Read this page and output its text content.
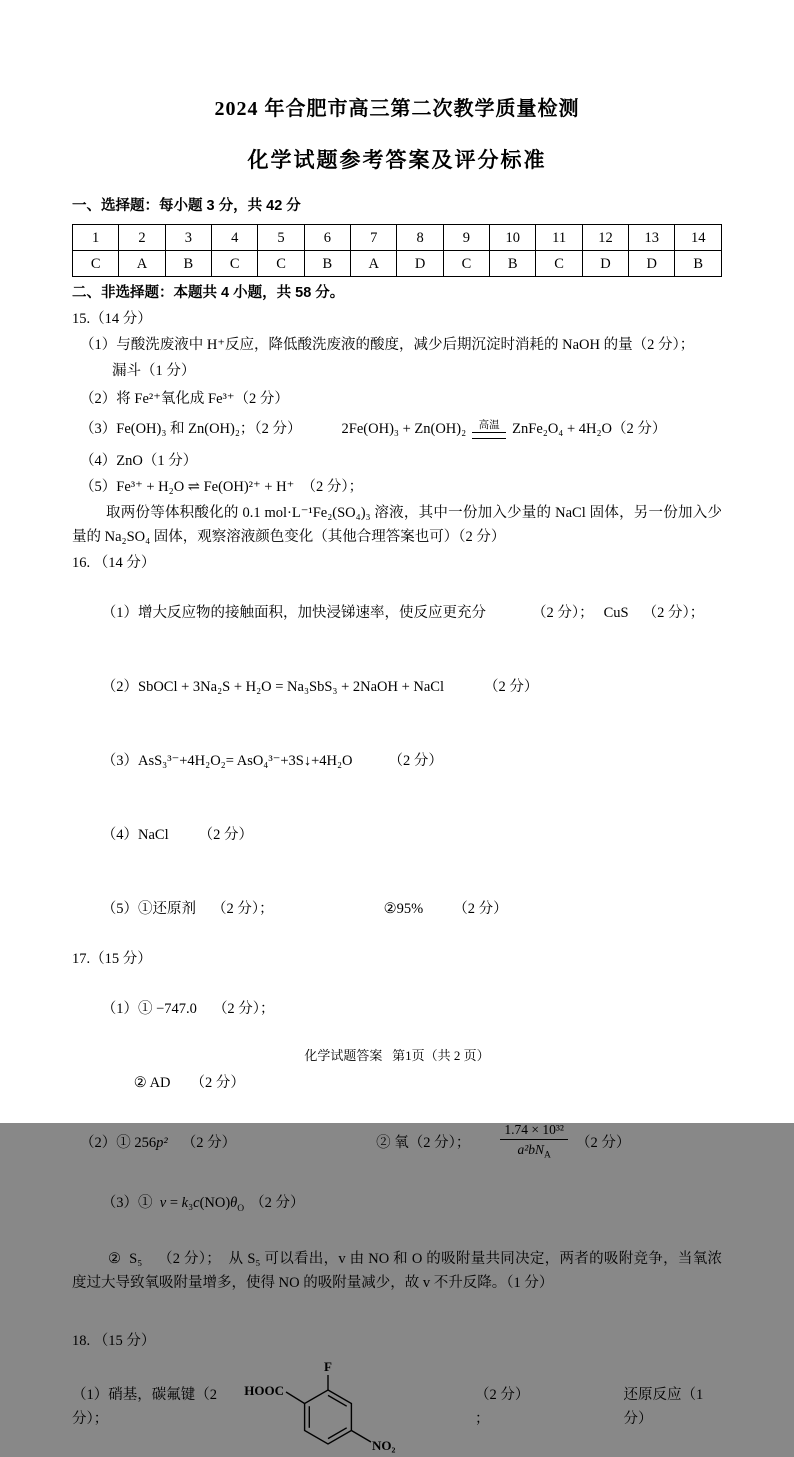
2024 年合肥市高三第二次教学质量检测
化学试题参考答案及评分标准
一、选择题：每小题 3 分，共 42 分
1	2	3	4	5	6	7	8	9	10	11	12	13	14
C	A	B	C	C	B	A	D	C	B	C	D	D	B
二、非选择题：本题共 4 小题，共 58 分。
15.（14 分）
（1）与酸洗废液中 H⁺反应，降低酸洗废液的酸度，减少后期沉淀时消耗的 NaOH 的量（2 分）；
漏斗（1 分）
（2）将 Fe²⁺氧化成 Fe³⁺（2 分）
（3）Fe(OH)₃ 和 Zn(OH)₂；（2 分）	2Fe(OH)₃ + Zn(OH)₂ 高温 ZnFe₂O₄ + 4H₂O（2 分）
（4）ZnO（1 分）
（5）Fe³⁺ + H₂O ⇌ Fe(OH)²⁺ + H⁺  （2 分）；
取两份等体积酸化的 0.1 mol·L⁻¹Fe₂(SO₄)₃ 溶液，其中一份加入少量的 NaCl 固体，另一份加入少量的 Na₂SO₄ 固体，观察溶液颜色变化（其他合理答案也可）（2 分）
16. （14 分）

（1）增大反应物的接触面积，加快浸锑速率，使反应更充分	（2 分）； CuS （2 分）；

（2）SbOCl + 3Na₂S + H₂O = Na₃SbS₃ + 2NaOH + NaCl	（2 分）

（3）AsS₃³⁻+4H₂O₂= AsO₄³⁻+3S↓+4H₂O （2 分）

（4）NaCl （2 分）

（5）①还原剂 （2 分）；	②95% （2 分）

17.（15 分）

（1）① −747.0 （2 分）；

② AD （2 分）

（2）① 256p² （2 分）	② 氧（2 分）； $\frac{\text{1.74 × 10³²}}{a^2bN_A} (2$ 分）

（3）①  $v = k_3c(NO)\theta_O$ （2 分）

②  S₅    （2 分）；  从 S₅ 可以看出，v 由 NO 和 O 的吸附量共同决定，两者的吸附竞争，当氧浓度过大导致氧吸附量增多，使得 NO 的吸附量减少，故 v 不升反降。（1 分）
18. （15 分）
（1）硝基，碳氟键（2 分）；
F
HOOC
NO₂
（2 分） ；
还原反应（1 分）
化学试题答案   第1页（共 2 页）
